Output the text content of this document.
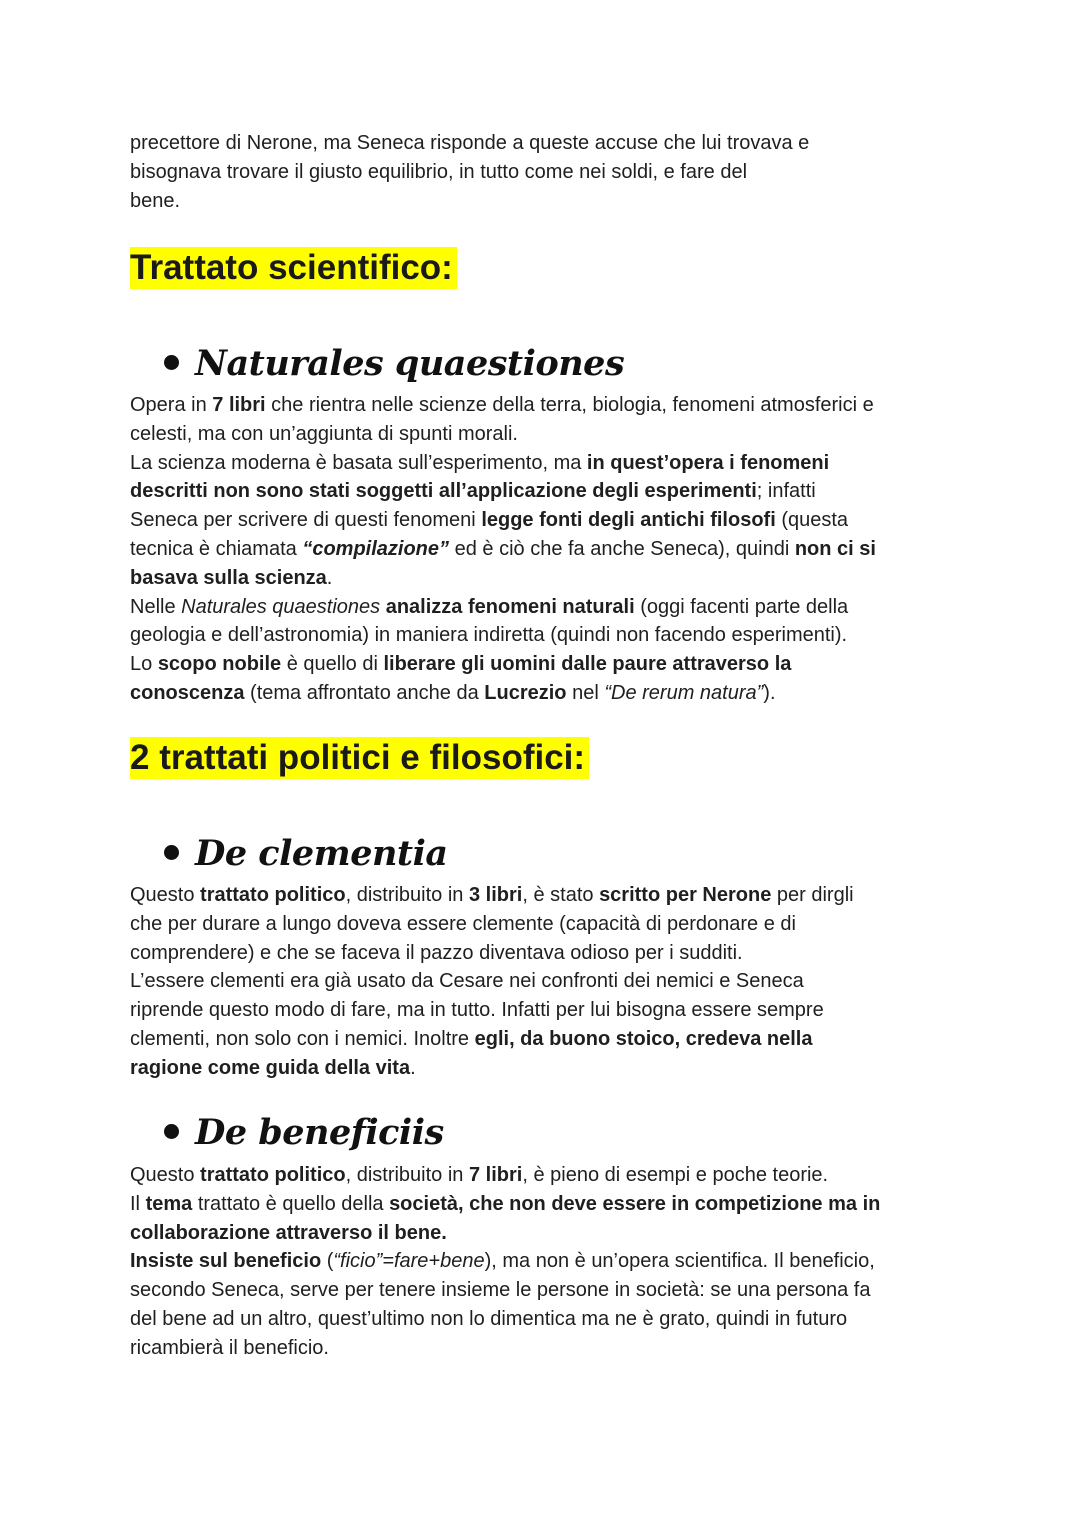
precettore di Nerone, ma Seneca risponde a queste accuse che lui trovava e

bisognava trovare il giusto equilibrio, in tutto come nei soldi, e fare del

bene.

Trattato scientifico:
Naturales quaestiones

Opera in 7 libri che rientra nelle scienze della terra, biologia, fenomeni atmosferici e

celesti, ma con un’aggiunta di spunti morali.

La scienza moderna è basata sull’esperimento, ma in quest’opera i fenomeni

descritti non sono stati soggetti all’applicazione degli esperimenti; infatti

Seneca per scrivere di questi fenomeni legge fonti degli antichi filosofi (questa

tecnica è chiamata “compilazione” ed è ciò che fa anche Seneca), quindi non ci si

basava sulla scienza.

Nelle Naturales quaestiones analizza fenomeni naturali (oggi facenti parte della

geologia e dell’astronomia) in maniera indiretta (quindi non facendo esperimenti).

Lo scopo nobile è quello di liberare gli uomini dalle paure attraverso la

conoscenza (tema affrontato anche da Lucrezio nel “De rerum natura”).

2 trattati politici e filosofici:
De clementia

Questo trattato politico, distribuito in 3 libri, è stato scritto per Nerone per dirgli

che per durare a lungo doveva essere clemente (capacità di perdonare e di

comprendere) e che se faceva il pazzo diventava odioso per i sudditi.

L’essere clementi era già usato da Cesare nei confronti dei nemici e Seneca

riprende questo modo di fare, ma in tutto. Infatti per lui bisogna essere sempre

clementi, non solo con i nemici. Inoltre egli, da buono stoico, credeva nella

ragione come guida della vita.

De beneficiis

Questo trattato politico, distribuito in 7 libri, è pieno di esempi e poche teorie.

Il tema trattato è quello della società, che non deve essere in competizione ma in

collaborazione attraverso il bene.

Insiste sul beneficio (“ficio”=fare+bene), ma non è un’opera scientifica. Il beneficio,

secondo Seneca, serve per tenere insieme le persone in società: se una persona fa

del bene ad un altro, quest’ultimo non lo dimentica ma ne è grato, quindi in futuro

ricambierà il beneficio.
